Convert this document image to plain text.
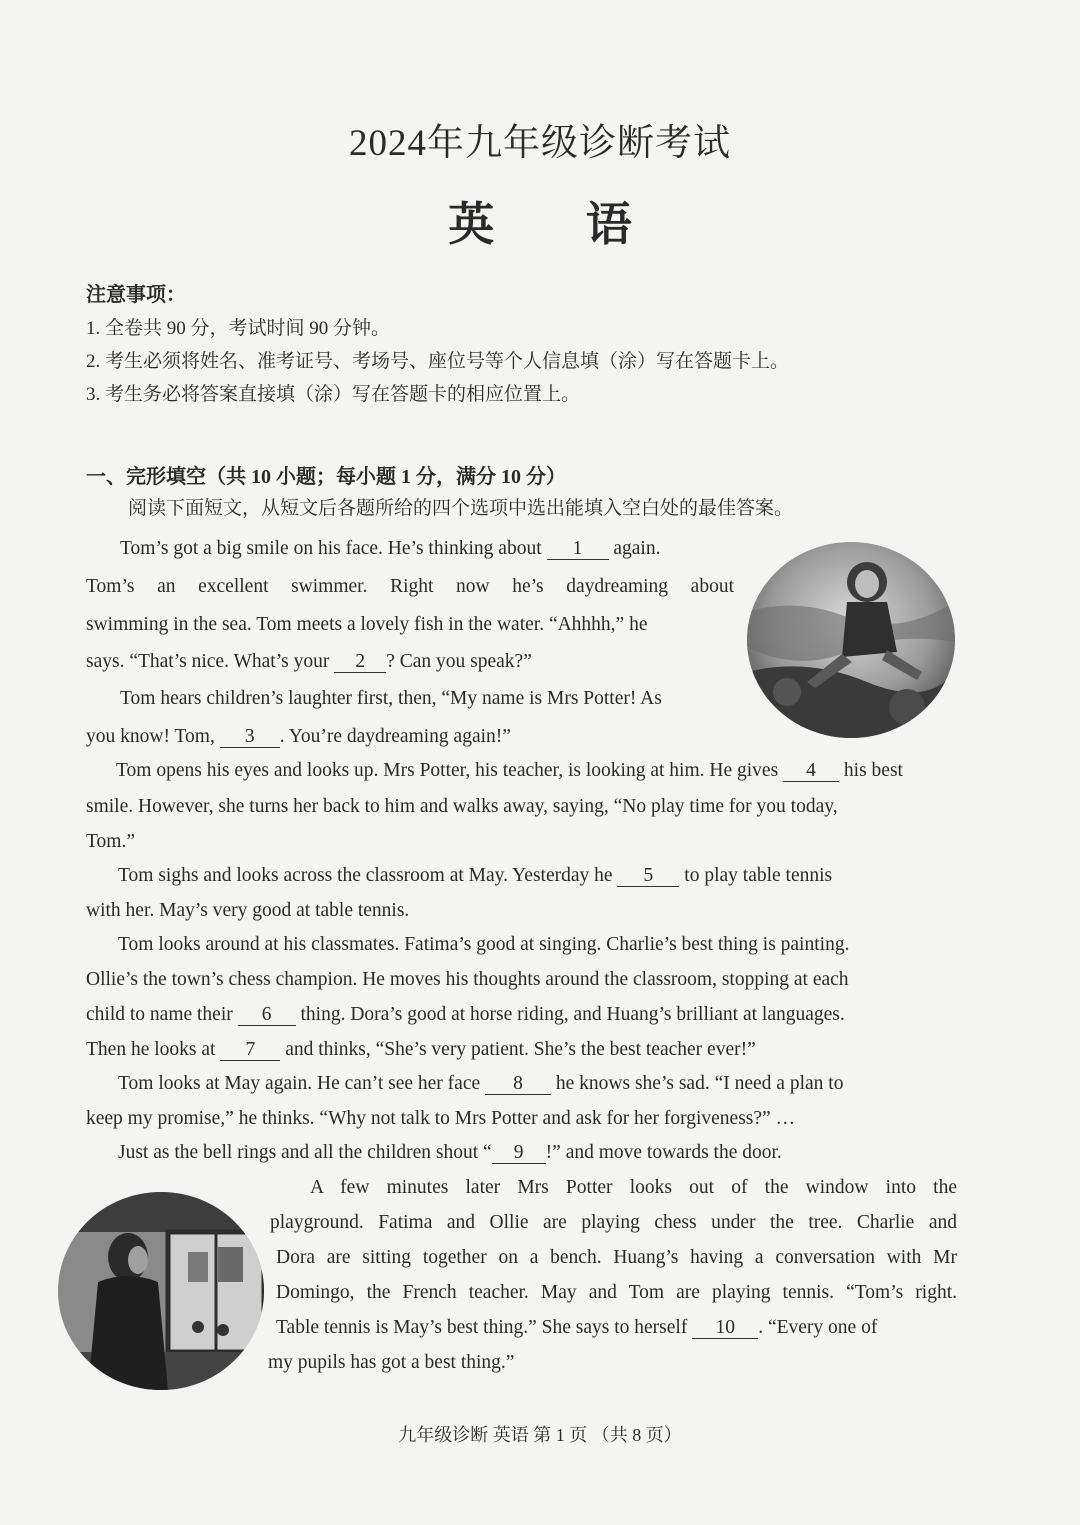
2024年九年级诊断考试
英 语
注意事项：
1. 全卷共 90 分，考试时间 90 分钟。
2. 考生必须将姓名、准考证号、考场号、座位号等个人信息填（涂）写在答题卡上。
3. 考生务必将答案直接填（涂）写在答题卡的相应位置上。
一、完形填空（共 10 小题；每小题 1 分，满分 10 分）
阅读下面短文，从短文后各题所给的四个选项中选出能填入空白处的最佳答案。
Tom’s got a big smile on his face. He’s thinking about 1 again.
Tom’s an excellent swimmer. Right now he’s daydreaming about
swimming in the sea. Tom meets a lovely fish in the water. “Ahhhh,” he
says. “That’s nice. What’s your 2 ? Can you speak?”
Tom hears children’s laughter first, then, “My name is Mrs Potter! As
you know! Tom, 3 . You’re daydreaming again!”
Tom opens his eyes and looks up. Mrs Potter, his teacher, is looking at him. He gives 4 his best
smile. However, she turns her back to him and walks away, saying, “No play time for you today,
Tom.”
Tom sighs and looks across the classroom at May. Yesterday he 5 to play table tennis
with her. May’s very good at table tennis.
Tom looks around at his classmates. Fatima’s good at singing. Charlie’s best thing is painting.
Ollie’s the town’s chess champion. He moves his thoughts around the classroom, stopping at each
child to name their 6 thing. Dora’s good at horse riding, and Huang’s brilliant at languages.
Then he looks at 7 and thinks, “She’s very patient. She’s the best teacher ever!”
Tom looks at May again. He can’t see her face 8 he knows she’s sad. “I need a plan to
keep my promise,” he thinks. “Why not talk to Mrs Potter and ask for her forgiveness?” …
Just as the bell rings and all the children shout “ 9 !” and move towards the door.
A few minutes later Mrs Potter looks out of the window into the
playground. Fatima and Ollie are playing chess under the tree. Charlie and
Dora are sitting together on a bench. Huang’s having a conversation with Mr
Domingo, the French teacher. May and Tom are playing tennis. “Tom’s right.
Table tennis is May’s best thing.” She says to herself 10 . “Every one of
my pupils has got a best thing.”
九年级诊断 英语 第 1 页 （共 8 页）
